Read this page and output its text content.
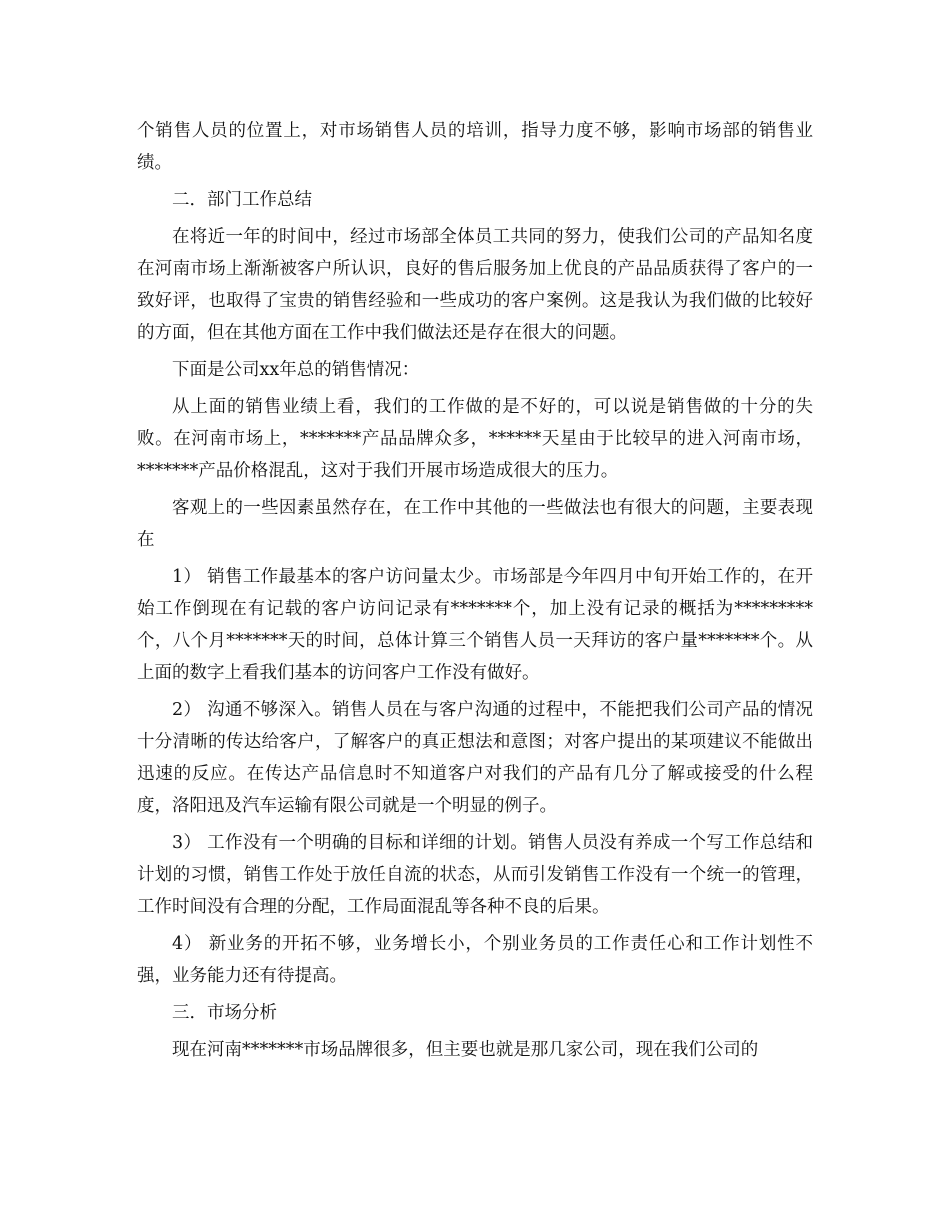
个销售人员的位置上，对市场销售人员的培训，指导力度不够，影响市场部的销售业绩。

二．部门工作总结

在将近一年的时间中，经过市场部全体员工共同的努力，使我们公司的产品知名度在河南市场上渐渐被客户所认识，良好的售后服务加上优良的产品品质获得了客户的一致好评，也取得了宝贵的销售经验和一些成功的客户案例。这是我认为我们做的比较好的方面，但在其他方面在工作中我们做法还是存在很大的问题。

下面是公司xx年总的销售情况：

从上面的销售业绩上看，我们的工作做的是不好的，可以说是销售做的十分的失败。在河南市场上，*******产品品牌众多，******天星由于比较早的进入河南市场，*******产品价格混乱，这对于我们开展市场造成很大的压力。

客观上的一些因素虽然存在，在工作中其他的一些做法也有很大的问题，主要表现在

1） 销售工作最基本的客户访问量太少。市场部是今年四月中旬开始工作的，在开始工作倒现在有记载的客户访问记录有*******个，加上没有记录的概括为*********个，八个月*******天的时间，总体计算三个销售人员一天拜访的客户量*******个。从上面的数字上看我们基本的访问客户工作没有做好。

2） 沟通不够深入。销售人员在与客户沟通的过程中，不能把我们公司产品的情况十分清晰的传达给客户，了解客户的真正想法和意图；对客户提出的某项建议不能做出迅速的反应。在传达产品信息时不知道客户对我们的产品有几分了解或接受的什么程度，洛阳迅及汽车运输有限公司就是一个明显的例子。

3） 工作没有一个明确的目标和详细的计划。销售人员没有养成一个写工作总结和计划的习惯，销售工作处于放任自流的状态，从而引发销售工作没有一个统一的管理，工作时间没有合理的分配，工作局面混乱等各种不良的后果。

4） 新业务的开拓不够，业务增长小，个别业务员的工作责任心和工作计划性不强，业务能力还有待提高。

三．市场分析

现在河南*******市场品牌很多，但主要也就是那几家公司，现在我们公司的
